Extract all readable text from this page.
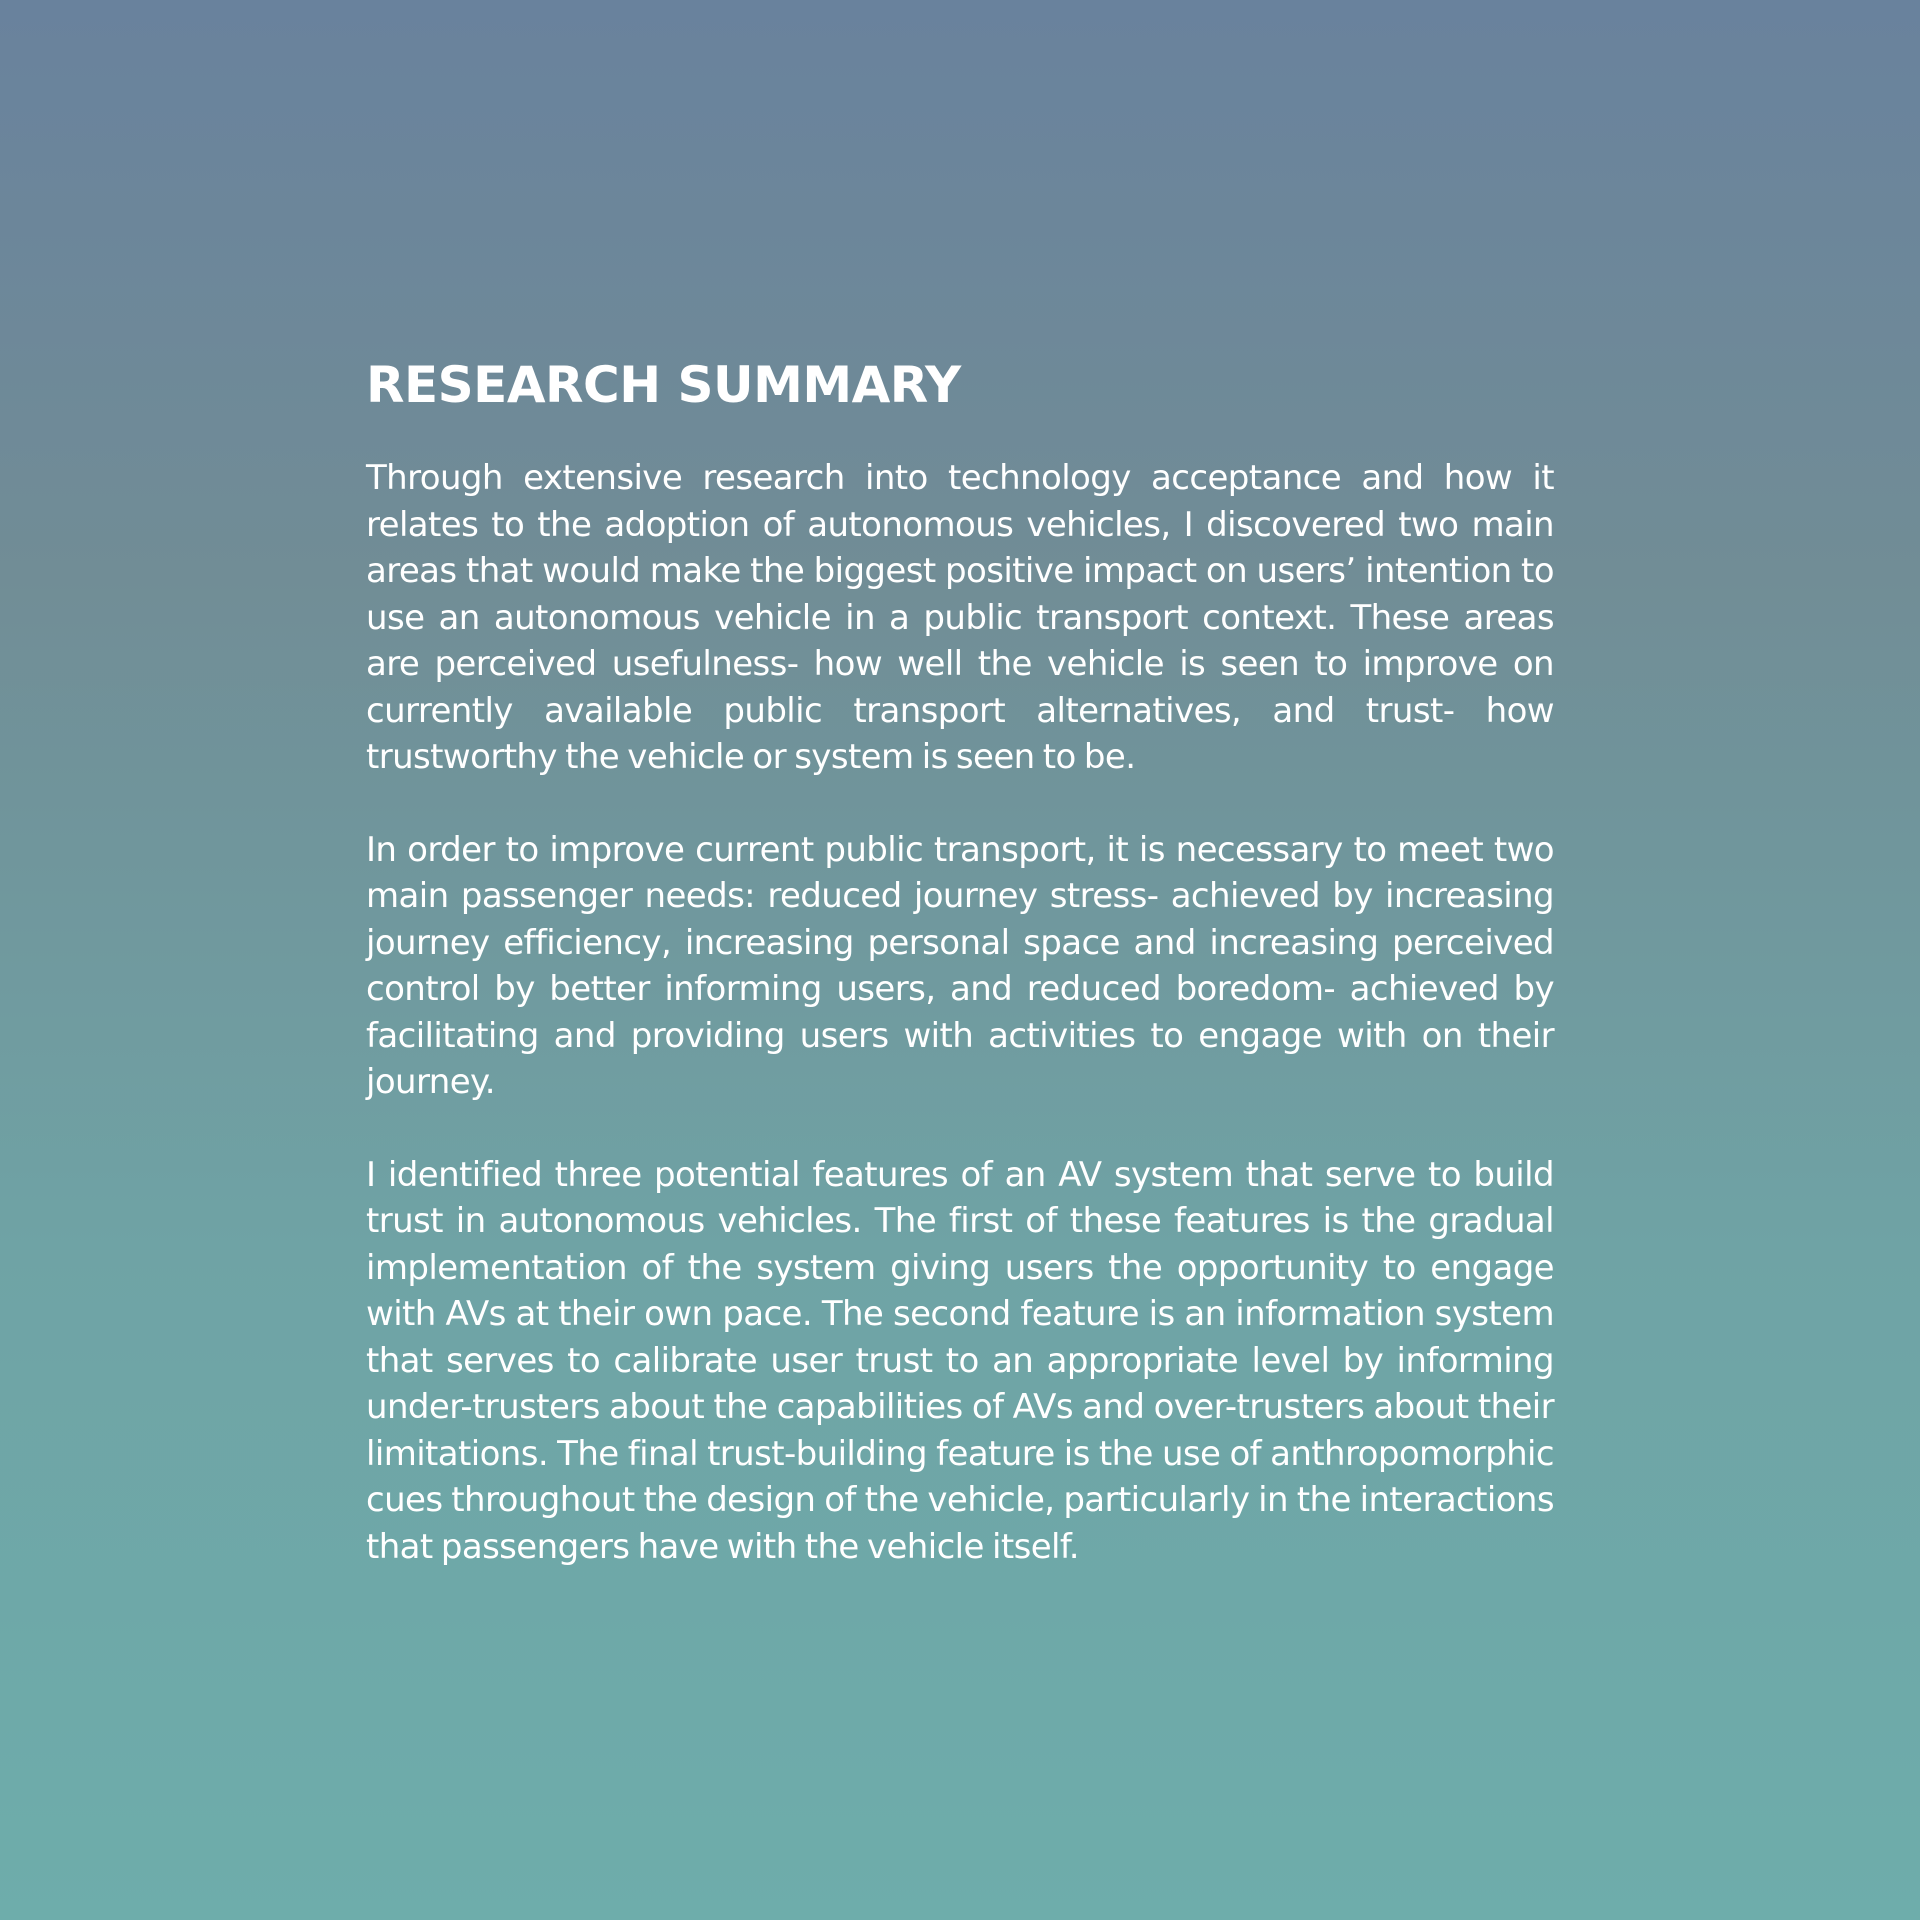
RESEARCH SUMMARY

Through extensive research into technology acceptance and how it relates to the adoption of autonomous vehicles, I discovered two main areas that would make the biggest positive impact on users’ intention to use an autonomous vehicle in a public transport context. These areas are perceived usefulness- how well the vehicle is seen to improve on currently available public transport alternatives, and trust- how trustworthy the vehicle or system is seen to be.

In order to improve current public transport, it is necessary to meet two main passenger needs: reduced journey stress- achieved by increasing journey efficiency, increasing personal space and increasing perceived control by better informing users, and reduced boredom- achieved by facilitating and providing users with activities to engage with on their journey.

I identified three potential features of an AV system that serve to build trust in autonomous vehicles. The first of these features is the gradual implementation of the system giving users the opportunity to engage with AVs at their own pace. The second feature is an information system that serves to calibrate user trust to an appropriate level by informing under-trusters about the capabilities of AVs and over-trusters about their limitations. The final trust-building feature is the use of anthropomorphic cues throughout the design of the vehicle, particularly in the interactions that passengers have with the vehicle itself.
